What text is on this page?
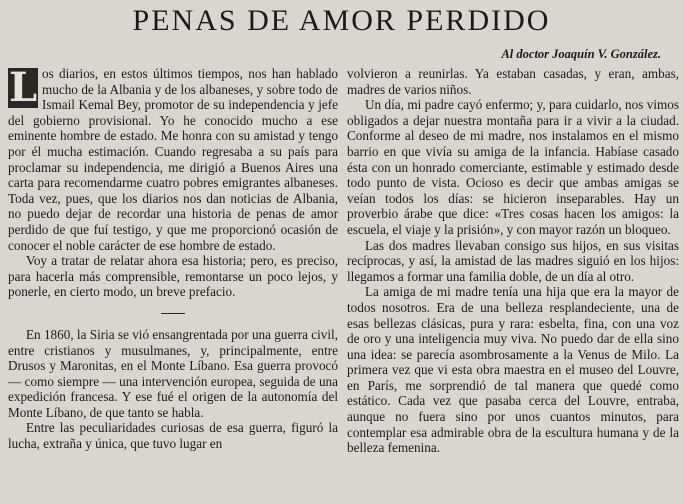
PENAS DE AMOR PERDIDO
Al doctor Joaquín V. González.

L os diarios, en estos últimos tiempos, nos han hablado mucho de la Albania y de los albaneses, y sobre todo de Ismail Kemal Bey, promotor de su independencia y jefe del gobierno provisional. Yo he conocido mucho a ese eminente hombre de estado. Me honra con su amistad y tengo por él mucha estimación. Cuando regresaba a su país para proclamar su independencia, me dirigió a Buenos Aires una carta para recomendarme cuatro pobres emigrantes albaneses. Toda vez, pues, que los diarios nos dan noticias de Albania, no puedo dejar de recordar una historia de penas de amor perdido de que fuí testigo, y que me proporcionó ocasión de conocer el noble carácter de ese hombre de estado.

Voy a tratar de relatar ahora esa historia; pero, es preciso, para hacerla más comprensible, remontarse un poco lejos, y ponerle, en cierto modo, un breve prefacio.

En 1860, la Siria se vió ensangrentada por una guerra civil, entre cristianos y musulmanes, y, principalmente, entre Drusos y Maronitas, en el Monte Líbano. Esa guerra provocó — como siempre — una intervención europea, seguida de una expedición francesa. Y ese fué el origen de la autonomía del Monte Líbano, de que tanto se habla.

Entre las peculiaridades curiosas de esa guerra, figuró la lucha, extraña y única, que tuvo lugar en

volvieron a reunirlas. Ya estaban casadas, y eran, ambas, madres de varios niños.

Un día, mi padre cayó enfermo; y, para cuidarlo, nos vimos obligados a dejar nuestra montaña para ir a vivir a la ciudad. Conforme al deseo de mi madre, nos instalamos en el mismo barrio en que vivía su amiga de la infancia. Habíase casado ésta con un honrado comerciante, estimable y estimado desde todo punto de vista. Ocioso es decir que ambas amigas se veían todos los días: se hicieron inseparables. Hay un proverbio árabe que dice: «Tres cosas hacen los amigos: la escuela, el viaje y la prisión», y con mayor razón un bloqueo.

Las dos madres llevaban consigo sus hijos, en sus visitas recíprocas, y así, la amistad de las madres siguió en los hijos: llegamos a formar una familia doble, de un día al otro.

La amiga de mi madre tenía una hija que era la mayor de todos nosotros. Era de una belleza resplandeciente, una de esas bellezas clásicas, pura y rara: esbelta, fina, con una voz de oro y una inteligencia muy viva. No puedo dar de ella sino una idea: se parecía asombrosamente a la Venus de Milo. La primera vez que vi esta obra maestra en el museo del Louvre, en París, me sorprendió de tal manera que quedé como estático. Cada vez que pasaba cerca del Louvre, entraba, aunque no fuera sino por unos cuantos minutos, para contemplar esa admirable obra de la escultura humana y de la belleza femenina.
